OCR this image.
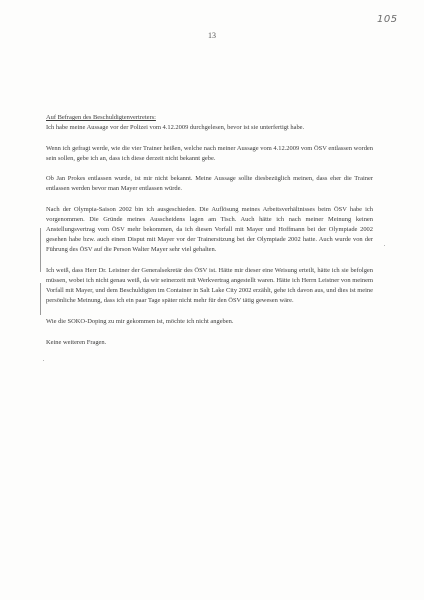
105
13

Auf Befragen des Beschuldigtenvertreters:
Ich habe meine Aussage vor der Polizei vom 4.12.2009 durchgelesen, bevor ist sie unterfertigt habe.

Wenn ich gefragt werde, wie die vier Trainer heißen, welche nach meiner Aussage vom 4.12.2009 vom ÖSV entlassen worden sein sollen, gebe ich an, dass ich diese derzeit nicht bekannt gebe.

Ob Jan Prokes entlassen wurde, ist mir nicht bekannt. Meine Aussage sollte diesbezüglich meinen, dass eher die Trainer entlassen werden bevor man Mayer entlassen würde.

Nach der Olympia-Saison 2002 bin ich ausgeschieden. Die Auflösung meines Arbeitsverhältnisses beim ÖSV habe ich vorgenommen. Die Gründe meines Ausscheidens lagen am Tisch. Auch hätte ich nach meiner Meinung keinen Anstellungsvertrag vom ÖSV mehr bekommen, da ich diesen Vorfall mit Mayer und Hoffmann bei der Olympiade 2002 gesehen habe bzw. auch einen Disput mit Mayer vor der Trainersitzung bei der Olympiade 2002 hatte. Auch wurde von der Führung des ÖSV auf die Person Walter Mayer sehr viel gehalten.

Ich weiß, dass Herr Dr. Leistner der Generalsekretär des ÖSV ist. Hätte mir dieser eine Weisung erteilt, hätte ich sie befolgen müssen, wobei ich nicht genau weiß, da wir seinerzeit mit Werkvertrag angestellt waren. Hätte ich Herrn Leistner von meinem Vorfall mit Mayer, und dem Beschuldigten im Container in Salt Lake City 2002 erzählt, gehe ich davon aus, und dies ist meine persönliche Meinung, dass ich ein paar Tage später nicht mehr für den ÖSV tätig gewesen wäre.

Wie die SOKO-Doping zu mir gekommen ist, möchte ich nicht angeben.

Keine weiteren Fragen.
